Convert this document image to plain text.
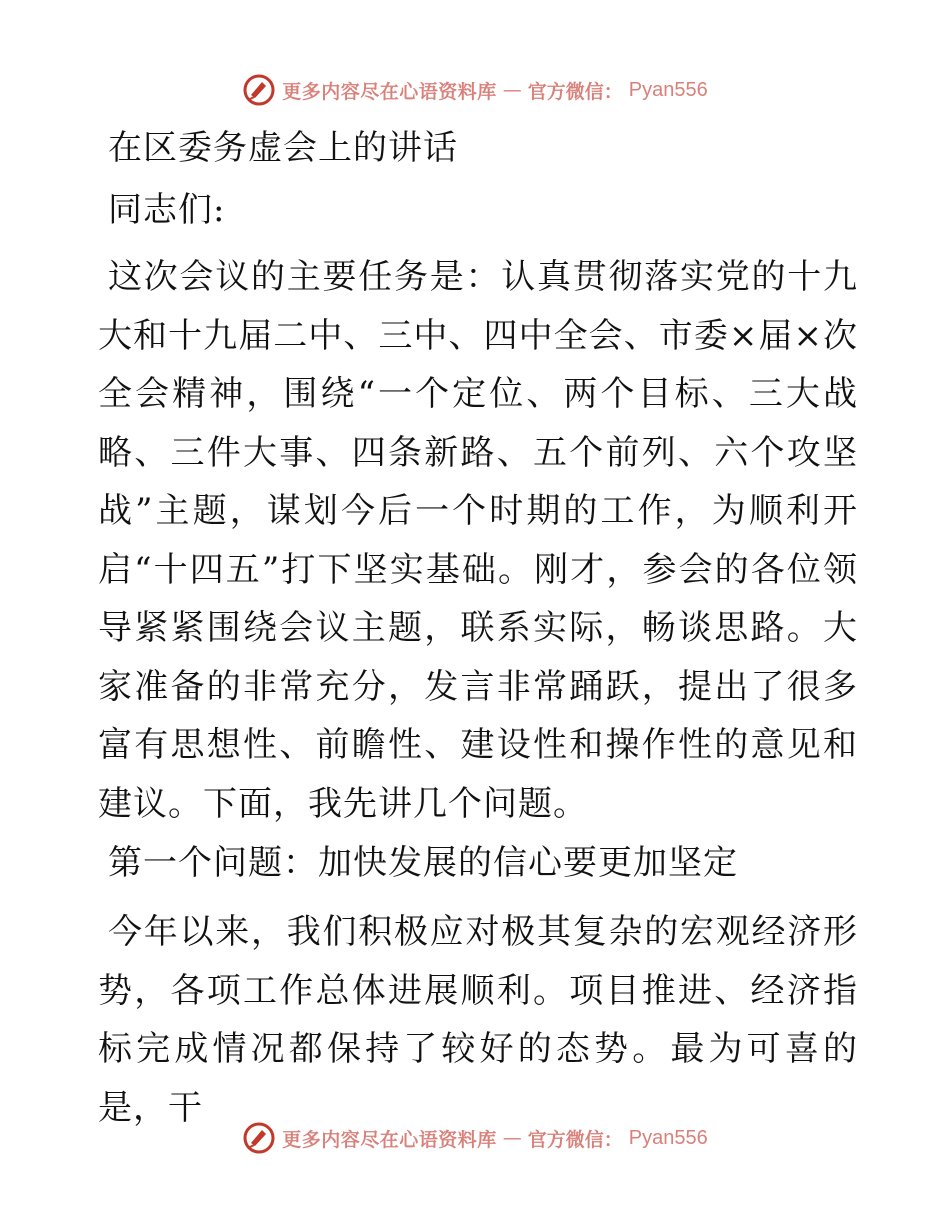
更多内容尽在心语资料库 — 官方微信： Pyan556

在区委务虚会上的讲话

同志们:

这次会议的主要任务是：认真贯彻落实党的十九大和十九届二中、三中、四中全会、市委×届×次全会精神，围绕“一个定位、两个目标、三大战略、三件大事、四条新路、五个前列、六个攻坚战”主题，谋划今后一个时期的工作，为顺利开启“十四五”打下坚实基础。刚才，参会的各位领导紧紧围绕会议主题，联系实际，畅谈思路。大家准备的非常充分，发言非常踊跃，提出了很多富有思想性、前瞻性、建设性和操作性的意见和建议。下面，我先讲几个问题。

第一个问题：加快发展的信心要更加坚定

今年以来，我们积极应对极其复杂的宏观经济形势，各项工作总体进展顺利。项目推进、经济指标完成情况都保持了较好的态势。最为可喜的是，干

更多内容尽在心语资料库 — 官方微信： Pyan556
